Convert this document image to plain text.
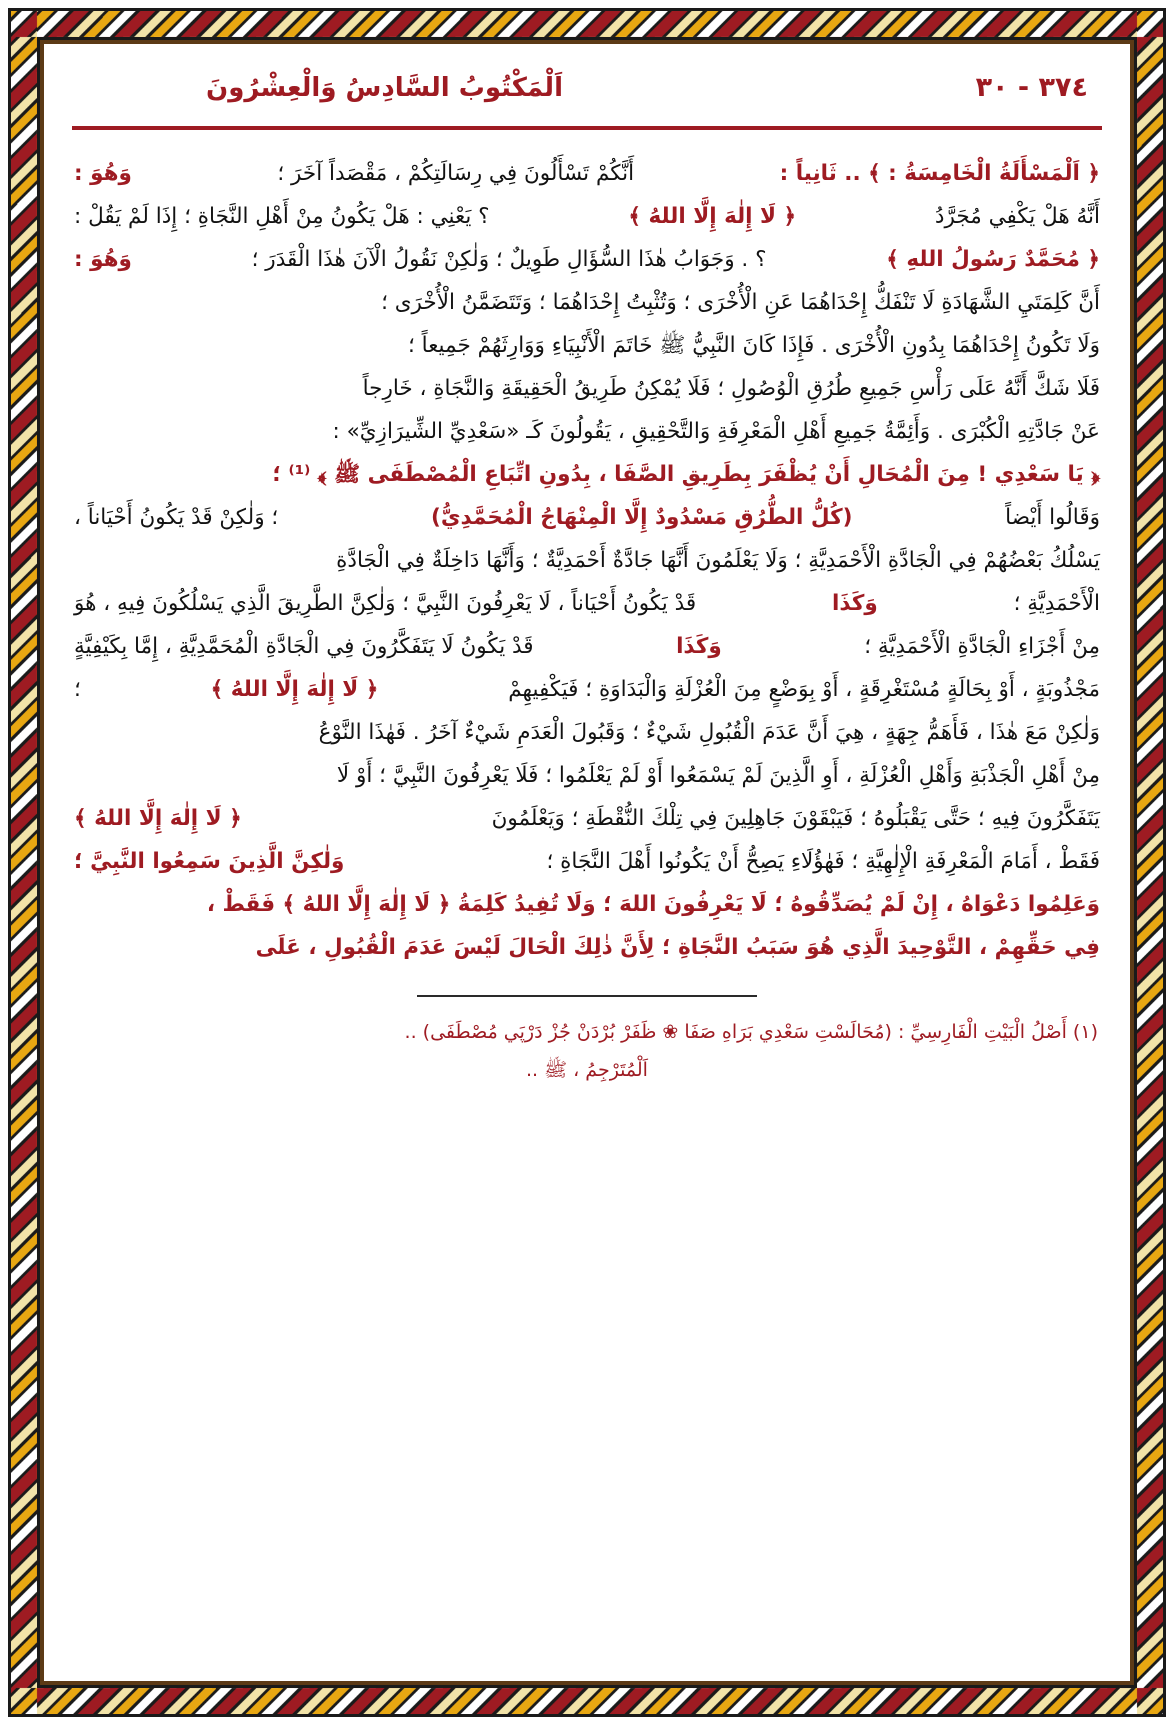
٣٧٤ - ٣٠
اَلْمَكْتُوبُ السَّادِسُ وَالْعِشْرُونَ
﴿ اَلْمَسْأَلَةُ الْخَامِسَةُ : ﴾ .. ثَانِياً :
أَنَّكُمْ تَسْأَلُونَ فِي رِسَالَتِكُمْ ، مَقْصَداً آخَرَ ؛
وَهُوَ :
أَنَّهُ هَلْ يَكْفِي مُجَرَّدُ
﴿ لَا إِلٰهَ إِلَّا اللهُ ﴾
؟ يَعْنِي : هَلْ يَكُونُ مِنْ أَهْلِ النَّجَاةِ ؛ إِذَا لَمْ يَقُلْ :
﴿ مُحَمَّدٌ رَسُولُ اللهِ ﴾
؟ . وَجَوَابُ هٰذَا السُّؤَالِ طَوِيلٌ ؛ وَلٰكِنْ نَقُولُ الْآنَ هٰذَا الْقَدَرَ ؛
وَهُوَ :
أَنَّ كَلِمَتَيِ الشَّهَادَةِ لَا تَنْفَكُّ إِحْدَاهُمَا عَنِ الْأُخْرَى ؛ وَتُثْبِتُ إِحْدَاهُمَا ؛ وَتَتَضَمَّنُ الْأُخْرَى ؛
وَلَا تَكُونُ إِحْدَاهُمَا بِدُونِ الْأُخْرَى . فَإِذَا كَانَ النَّبِيُّ ﷺ خَاتَمَ الْأَنْبِيَاءِ وَوَارِثَهُمْ جَمِيعاً ؛
فَلَا شَكَّ أَنَّهُ عَلَى رَأْسِ جَمِيعِ طُرُقِ الْوُصُولِ ؛ فَلَا يُمْكِنُ طَرِيقُ الْحَقِيقَةِ وَالنَّجَاةِ ، خَارِجاً
عَنْ جَادَّتِهِ الْكُبْرَى . وَأَئِمَّةُ جَمِيعِ أَهْلِ الْمَعْرِفَةِ وَالتَّحْقِيقِ ، يَقُولُونَ كَـ «سَعْدِيِّ الشِّيرَازِيِّ» :
﴿ يَا سَعْدِي ! مِنَ الْمُحَالِ أَنْ يُظْفَرَ بِطَرِيقِ الصَّفَا ، بِدُونِ اتِّبَاعِ الْمُصْطَفَى ﷺ ﴾ ⁽¹⁾ ؛
وَقَالُوا أَيْضاً
(كُلُّ الطُّرُقِ مَسْدُودٌ إِلَّا الْمِنْهَاجُ الْمُحَمَّدِيُّ)
؛ وَلٰكِنْ قَدْ يَكُونُ أَحْيَاناً ،
يَسْلُكُ بَعْضُهُمْ فِي الْجَادَّةِ الْأَحْمَدِيَّةِ ؛ وَلَا يَعْلَمُونَ أَنَّهَا جَادَّةٌ أَحْمَدِيَّةٌ ؛ وَأَنَّهَا دَاخِلَةٌ فِي الْجَادَّةِ
الْأَحْمَدِيَّةِ ؛
وَكَذَا
قَدْ يَكُونُ أَحْيَاناً ، لَا يَعْرِفُونَ النَّبِيَّ ؛ وَلٰكِنَّ الطَّرِيقَ الَّذِي يَسْلُكُونَ فِيهِ ، هُوَ
مِنْ أَجْزَاءِ الْجَادَّةِ الْأَحْمَدِيَّةِ ؛
وَكَذَا
قَدْ يَكُونُ لَا يَتَفَكَّرُونَ فِي الْجَادَّةِ الْمُحَمَّدِيَّةِ ، إِمَّا بِكَيْفِيَّةٍ
مَجْذُوبَةٍ ، أَوْ بِحَالَةٍ مُسْتَغْرِقَةٍ ، أَوْ بِوَضْعٍ مِنَ الْعُزْلَةِ وَالْبَدَاوَةِ ؛ فَيَكْفِيهِمْ
﴿ لَا إِلٰهَ إِلَّا اللهُ ﴾
؛
وَلٰكِنْ مَعَ هٰذَا ، فَأَهَمُّ جِهَةٍ ، هِيَ أَنَّ عَدَمَ الْقُبُولِ شَيْءٌ ؛ وَقَبُولَ الْعَدَمِ شَيْءٌ آخَرُ . فَهٰذَا النَّوْعُ
مِنْ أَهْلِ الْجَذْبَةِ وَأَهْلِ الْعُزْلَةِ ، أَوِ الَّذِينَ لَمْ يَسْمَعُوا أَوْ لَمْ يَعْلَمُوا ؛ فَلَا يَعْرِفُونَ النَّبِيَّ ؛ أَوْ لَا
يَتَفَكَّرُونَ فِيهِ ؛ حَتَّى يَقْبَلُوهُ ؛ فَيَبْقَوْنَ جَاهِلِينَ فِي تِلْكَ النُّقْطَةِ ؛ وَيَعْلَمُونَ
﴿ لَا إِلٰهَ إِلَّا اللهُ ﴾
فَقَطْ ، أَمَامَ الْمَعْرِفَةِ الْإِلٰهِيَّةِ ؛ فَهٰؤُلَاءِ يَصِحُّ أَنْ يَكُونُوا أَهْلَ النَّجَاةِ ؛
وَلٰكِنَّ الَّذِينَ سَمِعُوا النَّبِيَّ ؛
وَعَلِمُوا دَعْوَاهُ ، إِنْ لَمْ يُصَدِّقُوهُ ؛ لَا يَعْرِفُونَ اللهَ ؛ وَلَا تُفِيدُ كَلِمَةُ ﴿ لَا إِلٰهَ إِلَّا اللهُ ﴾ فَقَطْ ،
فِي حَقِّهِمْ ، التَّوْحِيدَ الَّذِي هُوَ سَبَبُ النَّجَاةِ ؛ لِأَنَّ ذٰلِكَ الْحَالَ لَيْسَ عَدَمَ الْقُبُولِ ، عَلَى
(١) أَصْلُ الْبَيْتِ الْفَارِسِيِّ : (مُحَالَسْتِ سَعْدِي بَرَاهِ صَفَا ❀ ظَفَرْ بُرْدَنْ جُزْ دَرْپَي مُصْطَفَى) ..
اَلْمُتَرْجِمُ ، ﷺ ..
